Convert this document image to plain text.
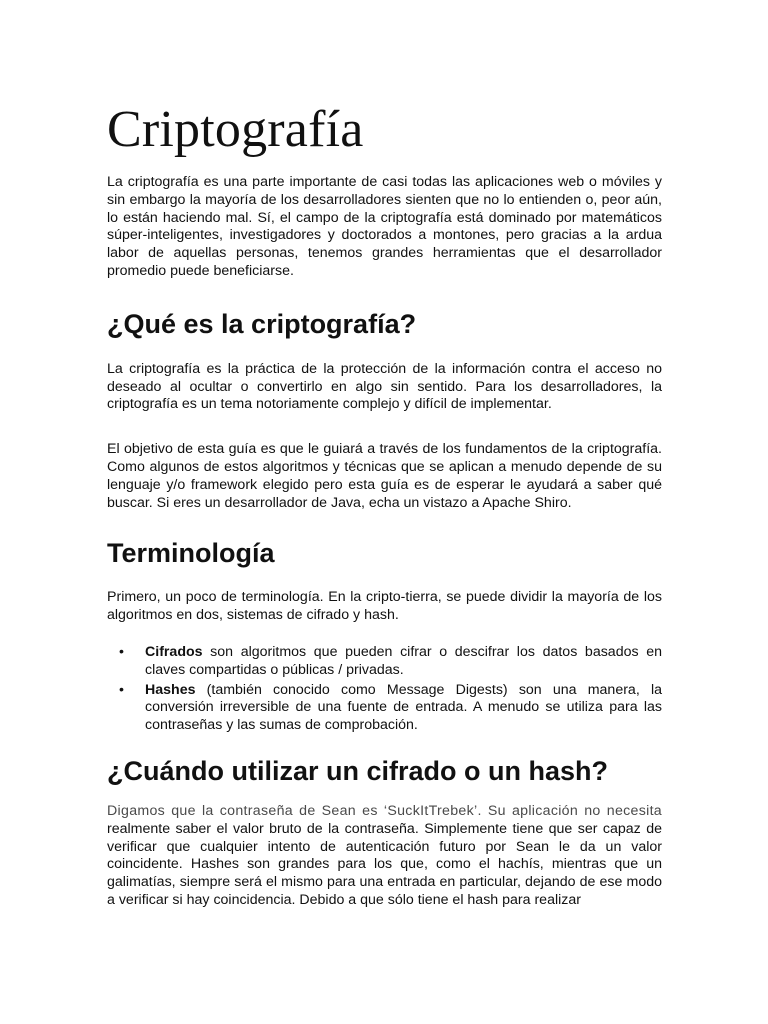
Criptografía

La criptografía es una parte importante de casi todas las aplicaciones web o móviles y sin embargo la mayoría de los desarrolladores sienten que no lo entienden o, peor aún, lo están haciendo mal. Sí, el campo de la criptografía está dominado por matemáticos súper-inteligentes, investigadores y doctorados a montones, pero gracias a la ardua labor de aquellas personas, tenemos grandes herramientas que el desarrollador promedio puede beneficiarse.

¿Qué es la criptografía?

La criptografía es la práctica de la protección de la información contra el acceso no deseado al ocultar o convertirlo en algo sin sentido. Para los desarrolladores, la criptografía es un tema notoriamente complejo y difícil de implementar.

El objetivo de esta guía es que le guiará a través de los fundamentos de la criptografía. Como algunos de estos algoritmos y técnicas que se aplican a menudo depende de su lenguaje y/o framework elegido pero esta guía es de esperar le ayudará a saber qué buscar. Si eres un desarrollador de Java, echa un vistazo a Apache Shiro.

Terminología

Primero, un poco de terminología. En la cripto-tierra, se puede dividir la mayoría de los algoritmos en dos, sistemas de cifrado y hash.

• Cifrados son algoritmos que pueden cifrar o descifrar los datos basados en claves compartidas o públicas / privadas.
• Hashes (también conocido como Message Digests) son una manera, la conversión irreversible de una fuente de entrada. A menudo se utiliza para las contraseñas y las sumas de comprobación.
¿Cuándo utilizar un cifrado o un hash?

Digamos que la contraseña de Sean es ‘SuckItTrebek’. Su aplicación no necesita realmente saber el valor bruto de la contraseña. Simplemente tiene que ser capaz de verificar que cualquier intento de autenticación futuro por Sean le da un valor coincidente. Hashes son grandes para los que, como el hachís, mientras que un galimatías, siempre será el mismo para una entrada en particular, dejando de ese modo a verificar si hay coincidencia. Debido a que sólo tiene el hash para realizar
